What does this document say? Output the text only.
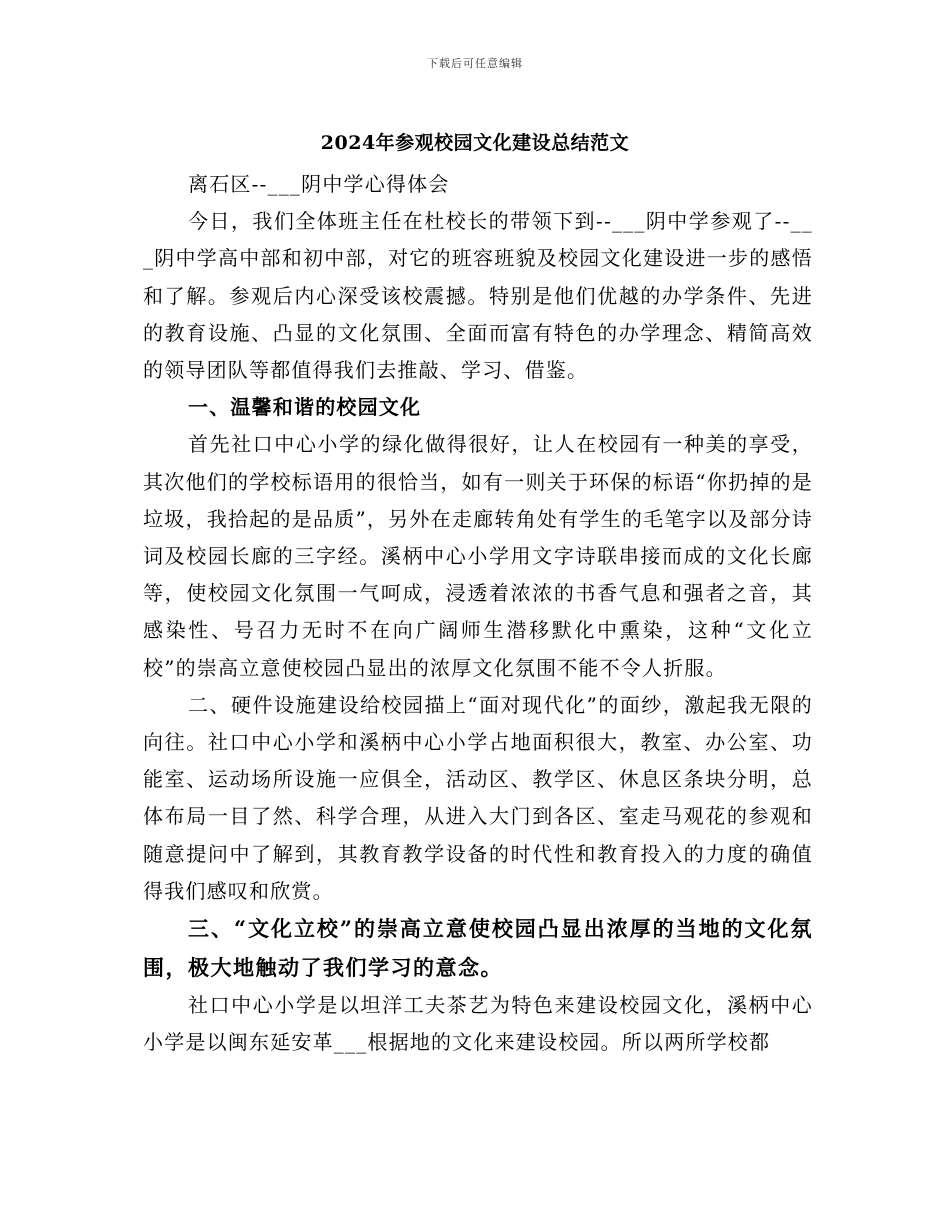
下载后可任意编辑
2024年参观校园文化建设总结范文

离石区--___阴中学心得体会

今日，我们全体班主任在杜校长的带领下到--___阴中学参观了--___阴中学高中部和初中部，对它的班容班貌及校园文化建设进一步的感悟和了解。参观后内心深受该校震撼。特别是他们优越的办学条件、先进的教育设施、凸显的文化氛围、全面而富有特色的办学理念、精简高效的领导团队等都值得我们去推敲、学习、借鉴。

一、温馨和谐的校园文化

首先社口中心小学的绿化做得很好，让人在校园有一种美的享受，其次他们的学校标语用的很恰当，如有一则关于环保的标语“你扔掉的是垃圾，我拾起的是品质”，另外在走廊转角处有学生的毛笔字以及部分诗词及校园长廊的三字经。溪柄中心小学用文字诗联串接而成的文化长廊等，使校园文化氛围一气呵成，浸透着浓浓的书香气息和强者之音，其感染性、号召力无时不在向广阔师生潜移默化中熏染，这种“文化立校”的崇高立意使校园凸显出的浓厚文化氛围不能不令人折服。

二、硬件设施建设给校园描上“面对现代化”的面纱，激起我无限的向往。社口中心小学和溪柄中心小学占地面积很大，教室、办公室、功能室、运动场所设施一应俱全，活动区、教学区、休息区条块分明，总体布局一目了然、科学合理，从进入大门到各区、室走马观花的参观和随意提问中了解到，其教育教学设备的时代性和教育投入的力度的确值得我们感叹和欣赏。

三、“文化立校”的崇高立意使校园凸显出浓厚的当地的文化氛围，极大地触动了我们学习的意念。

社口中心小学是以坦洋工夫茶艺为特色来建设校园文化，溪柄中心小学是以闽东延安革___根据地的文化来建设校园。所以两所学校都
